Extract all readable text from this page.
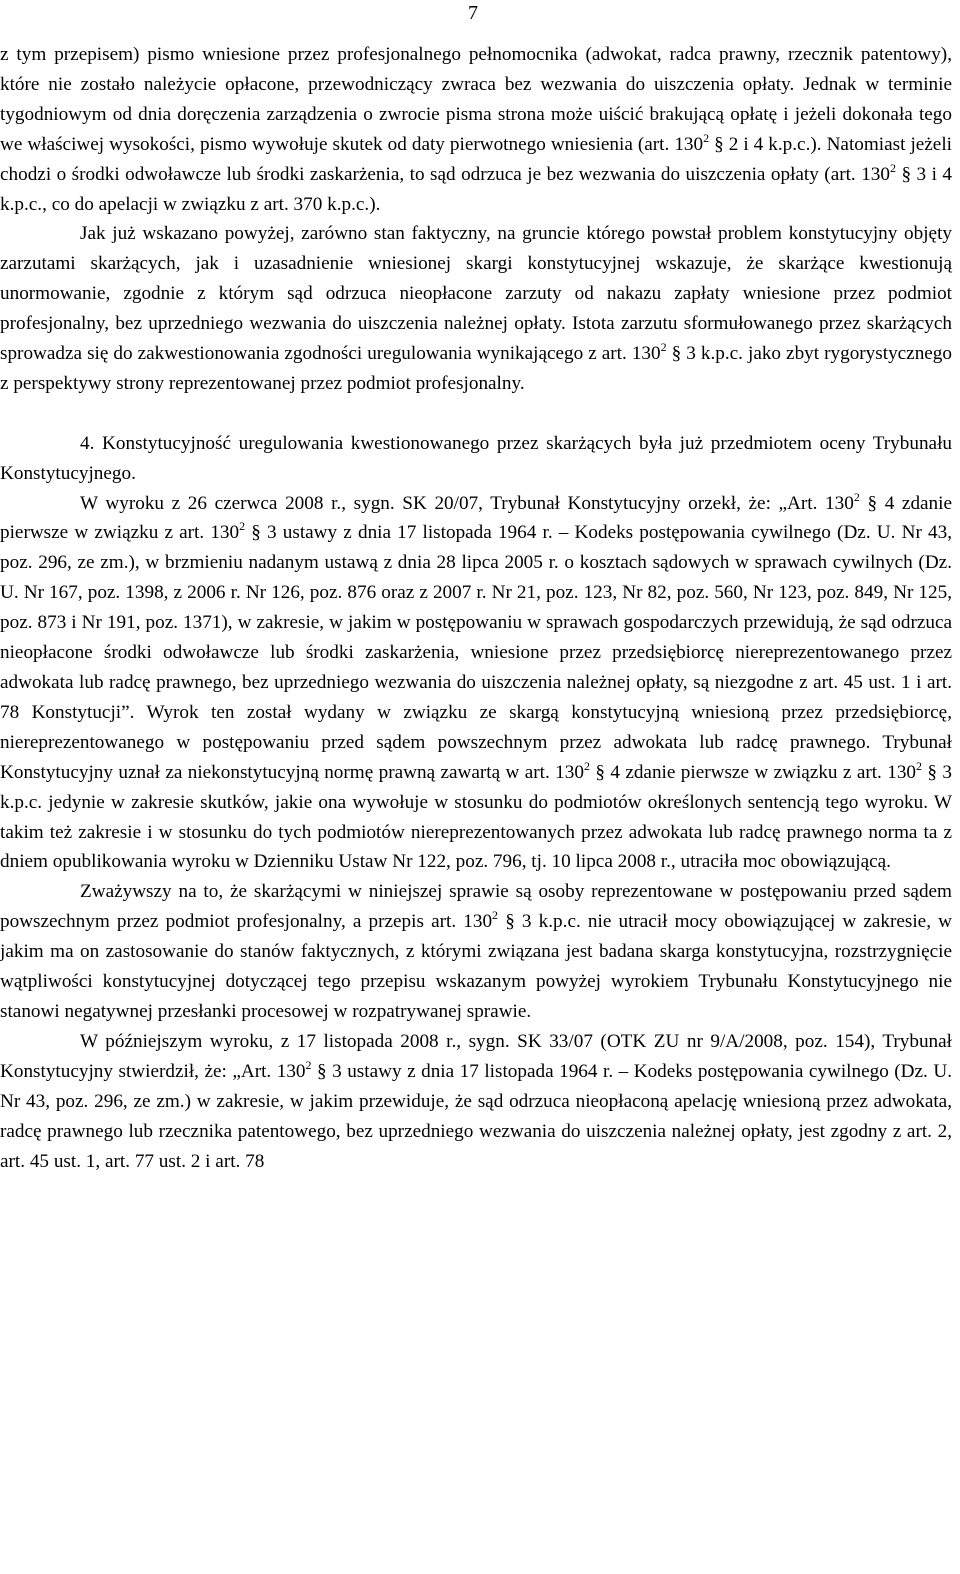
7

z tym przepisem) pismo wniesione przez profesjonalnego pełnomocnika (adwokat, radca prawny, rzecznik patentowy), które nie zostało należycie opłacone, przewodniczący zwraca bez wezwania do uiszczenia opłaty. Jednak w terminie tygodniowym od dnia doręczenia zarządzenia o zwrocie pisma strona może uiścić brakującą opłatę i jeżeli dokonała tego we właściwej wysokości, pismo wywołuje skutek od daty pierwotnego wniesienia (art. $130^2$ § 2 i 4 k.p.c.). Natomiast jeżeli chodzi o środki odwoławcze lub środki zaskarżenia, to sąd odrzuca je bez wezwania do uiszczenia opłaty (art. $130^2$ § 3 i 4 k.p.c., co do apelacji w związku z art. 370 k.p.c.).

Jak już wskazano powyżej, zarówno stan faktyczny, na gruncie którego powstał problem konstytucyjny objęty zarzutami skarżących, jak i uzasadnienie wniesionej skargi konstytucyjnej wskazuje, że skarżące kwestionują unormowanie, zgodnie z którym sąd odrzuca nieopłacone zarzuty od nakazu zapłaty wniesione przez podmiot profesjonalny, bez uprzedniego wezwania do uiszczenia należnej opłaty. Istota zarzutu sformułowanego przez skarżących sprowadza się do zakwestionowania zgodności uregulowania wynikającego z art. $130^2$ § 3 k.p.c. jako zbyt rygorystycznego z perspektywy strony reprezentowanej przez podmiot profesjonalny.

4. Konstytucyjność uregulowania kwestionowanego przez skarżących była już przedmiotem oceny Trybunału Konstytucyjnego.

W wyroku z 26 czerwca 2008 r., sygn. SK 20/07, Trybunał Konstytucyjny orzekł, że: „Art. $130^2$ § 4 zdanie pierwsze w związku z art. $130^2$ § 3 ustawy z dnia 17 listopada 1964 r. – Kodeks postępowania cywilnego (Dz. U. Nr 43, poz. 296, ze zm.), w brzmieniu nadanym ustawą z dnia 28 lipca 2005 r. o kosztach sądowych w sprawach cywilnych (Dz. U. Nr 167, poz. 1398, z 2006 r. Nr 126, poz. 876 oraz z 2007 r. Nr 21, poz. 123, Nr 82, poz. 560, Nr 123, poz. 849, Nr 125, poz. 873 i Nr 191, poz. 1371), w zakresie, w jakim w postępowaniu w sprawach gospodarczych przewidują, że sąd odrzuca nieopłacone środki odwoławcze lub środki zaskarżenia, wniesione przez przedsiębiorcę niereprezentowanego przez adwokata lub radcę prawnego, bez uprzedniego wezwania do uiszczenia należnej opłaty, są niezgodne z art. 45 ust. 1 i art. 78 Konstytucji”. Wyrok ten został wydany w związku ze skargą konstytucyjną wniesioną przez przedsiębiorcę, niereprezentowanego w postępowaniu przed sądem powszechnym przez adwokata lub radcę prawnego. Trybunał Konstytucyjny uznał za niekonstytucyjną normę prawną zawartą w art. $130^2$ § 4 zdanie pierwsze w związku z art. $130^2$ § 3 k.p.c. jedynie w zakresie skutków, jakie ona wywołuje w stosunku do podmiotów określonych sentencją tego wyroku. W takim też zakresie i w stosunku do tych podmiotów niereprezentowanych przez adwokata lub radcę prawnego norma ta z dniem opublikowania wyroku w Dzienniku Ustaw Nr 122, poz. 796, tj. 10 lipca 2008 r., utraciła moc obowiązującą.

Zważywszy na to, że skarżącymi w niniejszej sprawie są osoby reprezentowane w postępowaniu przed sądem powszechnym przez podmiot profesjonalny, a przepis art. $130^2$ § 3 k.p.c. nie utracił mocy obowiązującej w zakresie, w jakim ma on zastosowanie do stanów faktycznych, z którymi związana jest badana skarga konstytucyjna, rozstrzygnięcie wątpliwości konstytucyjnej dotyczącej tego przepisu wskazanym powyżej wyrokiem Trybunału Konstytucyjnego nie stanowi negatywnej przesłanki procesowej w rozpatrywanej sprawie.

W późniejszym wyroku, z 17 listopada 2008 r., sygn. SK 33/07 (OTK ZU nr 9/A/2008, poz. 154), Trybunał Konstytucyjny stwierdził, że: „Art. $130^2$ § 3 ustawy z dnia 17 listopada 1964 r. – Kodeks postępowania cywilnego (Dz. U. Nr 43, poz. 296, ze zm.) w zakresie, w jakim przewiduje, że sąd odrzuca nieopłaconą apelację wniesioną przez adwokata, radcę prawnego lub rzecznika patentowego, bez uprzedniego wezwania do uiszczenia należnej opłaty, jest zgodny z art. 2, art. 45 ust. 1, art. 77 ust. 2 i art. 78
